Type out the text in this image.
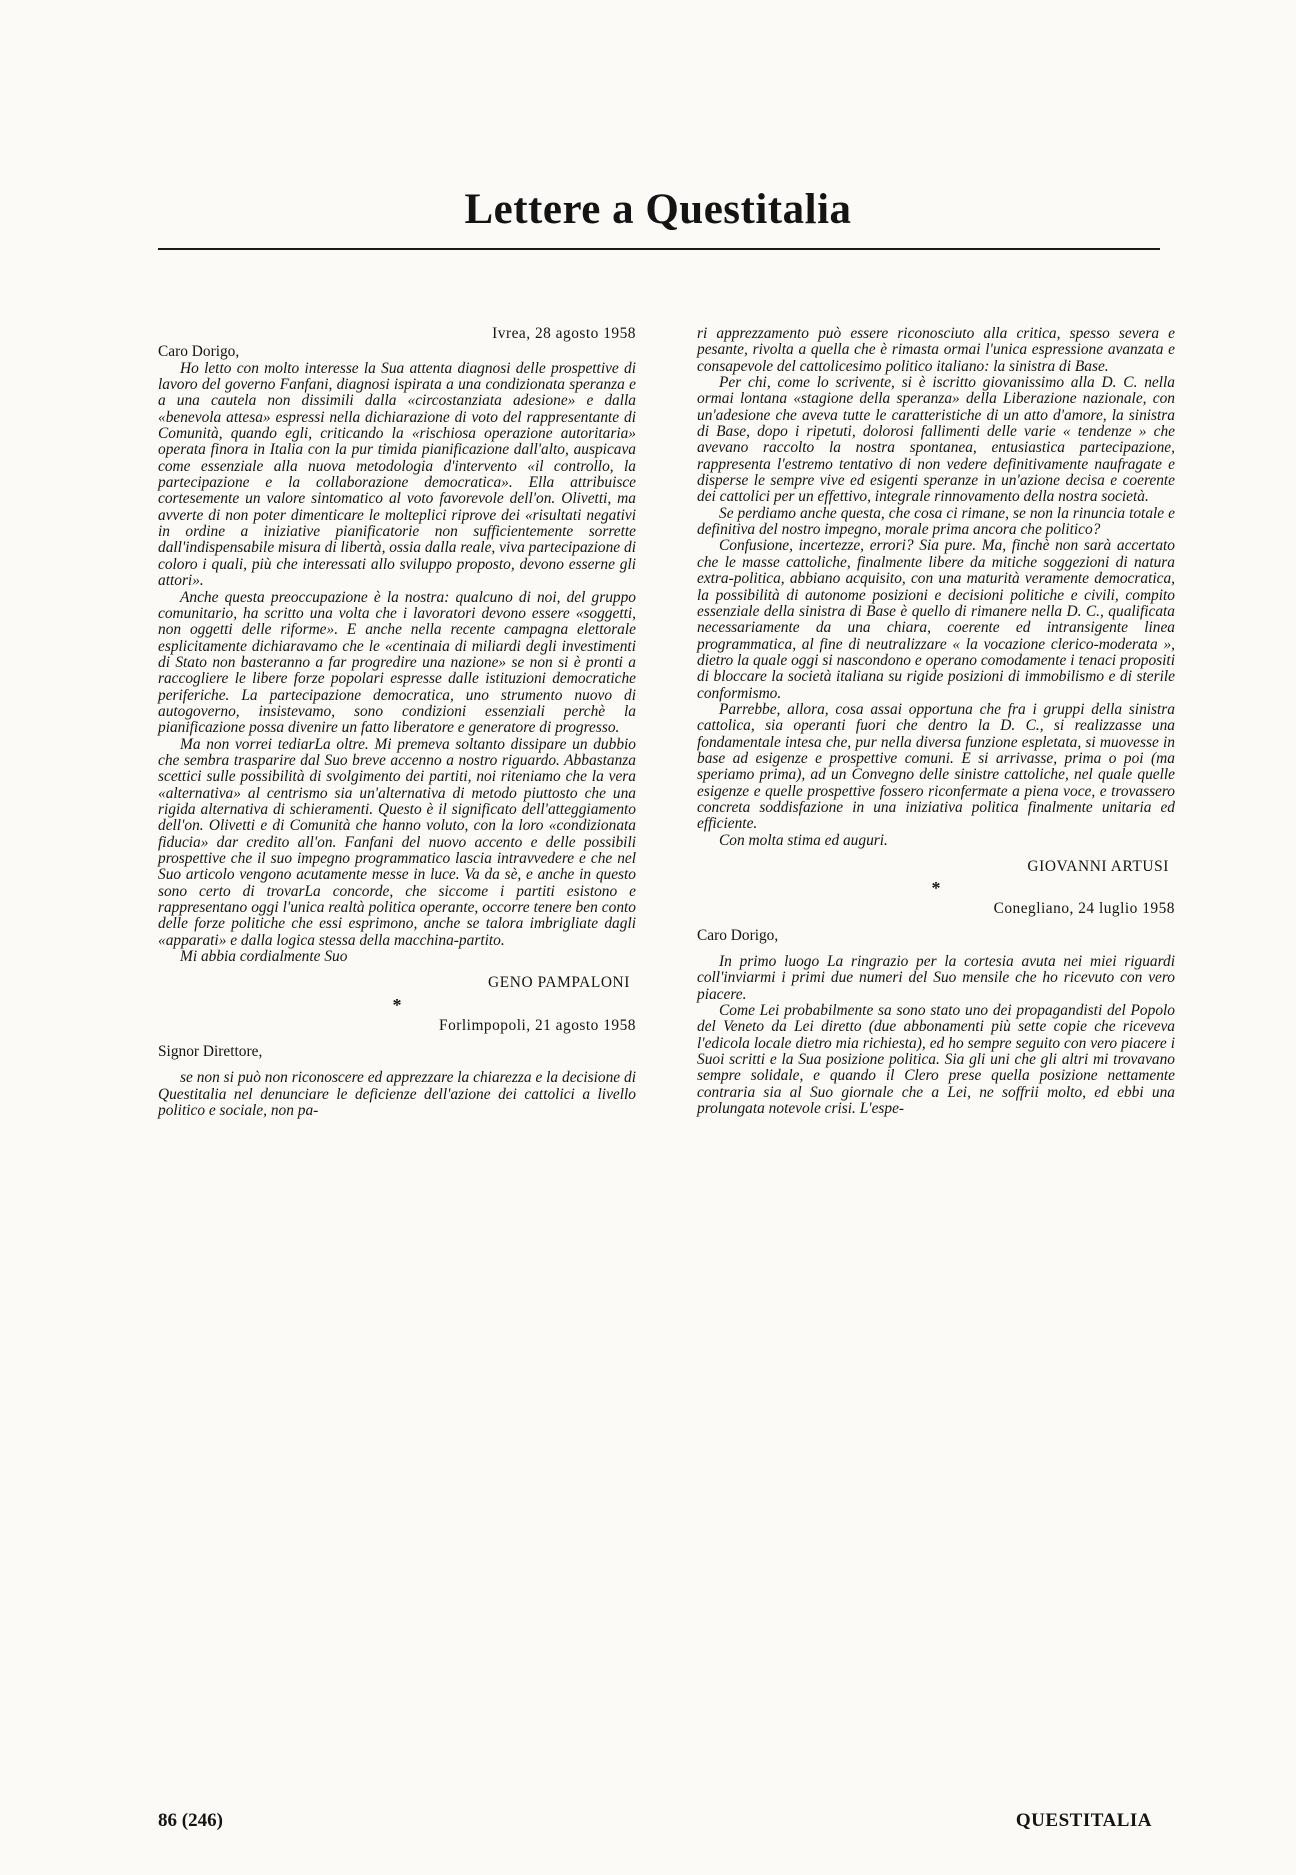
Lettere a Questitalia

Ivrea, 28 agosto 1958

Caro Dorigo,

Ho letto con molto interesse la Sua attenta diagnosi delle prospettive di lavoro del governo Fanfani, diagnosi ispirata a una condizionata speranza e a una cautela non dissimili dalla «circostanziata adesione» e dalla «benevola attesa» espressi nella dichiarazione di voto del rappresentante di Comunità, quando egli, criticando la «rischiosa operazione autoritaria» operata finora in Italia con la pur timida pianificazione dall'alto, auspicava come essenziale alla nuova metodologia d'intervento «il controllo, la partecipazione e la collaborazione democratica». Ella attribuisce cortesemente un valore sintomatico al voto favorevole dell'on. Olivetti, ma avverte di non poter dimenticare le molteplici riprove dei «risultati negativi in ordine a iniziative pianificatorie non sufficientemente sorrette dall'indispensabile misura di libertà, ossia dalla reale, viva partecipazione di coloro i quali, più che interessati allo sviluppo proposto, devono esserne gli attori».

Anche questa preoccupazione è la nostra: qualcuno di noi, del gruppo comunitario, ha scritto una volta che i lavoratori devono essere «soggetti, non oggetti delle riforme». E anche nella recente campagna elettorale esplicitamente dichiaravamo che le «centinaia di miliardi degli investimenti di Stato non basteranno a far progredire una nazione» se non si è pronti a raccogliere le libere forze popolari espresse dalle istituzioni democratiche periferiche. La partecipazione democratica, uno strumento nuovo di autogoverno, insistevamo, sono condizioni essenziali perchè la pianificazione possa divenire un fatto liberatore e generatore di progresso.

Ma non vorrei tediarLa oltre. Mi premeva soltanto dissipare un dubbio che sembra trasparire dal Suo breve accenno a nostro riguardo. Abbastanza scettici sulle possibilità di svolgimento dei partiti, noi riteniamo che la vera «alternativa» al centrismo sia un'alternativa di metodo piuttosto che una rigida alternativa di schieramenti. Questo è il significato dell'atteggiamento dell'on. Olivetti e di Comunità che hanno voluto, con la loro «condizionata fiducia» dar credito all'on. Fanfani del nuovo accento e delle possibili prospettive che il suo impegno programmatico lascia intravvedere e che nel Suo articolo vengono acutamente messe in luce. Va da sè, e anche in questo sono certo di trovarLa concorde, che siccome i partiti esistono e rappresentano oggi l'unica realtà politica operante, occorre tenere ben conto delle forze politiche che essi esprimono, anche se talora imbrigliate dagli «apparati» e dalla logica stessa della macchina-partito.

Mi abbia cordialmente Suo

GENO PAMPALONI

*

Forlimpopoli, 21 agosto 1958

Signor Direttore,

se non si può non riconoscere ed apprezzare la chiarezza e la decisione di Questitalia nel denunciare le deficienze dell'azione dei cattolici a livello politico e sociale, non pa-

ri apprezzamento può essere riconosciuto alla critica, spesso severa e pesante, rivolta a quella che è rimasta ormai l'unica espressione avanzata e consapevole del cattolicesimo politico italiano: la sinistra di Base.

Per chi, come lo scrivente, si è iscritto giovanissimo alla D. C. nella ormai lontana «stagione della speranza» della Liberazione nazionale, con un'adesione che aveva tutte le caratteristiche di un atto d'amore, la sinistra di Base, dopo i ripetuti, dolorosi fallimenti delle varie « tendenze » che avevano raccolto la nostra spontanea, entusiastica partecipazione, rappresenta l'estremo tentativo di non vedere definitivamente naufragate e disperse le sempre vive ed esigenti speranze in un'azione decisa e coerente dei cattolici per un effettivo, integrale rinnovamento della nostra società.

Se perdiamo anche questa, che cosa ci rimane, se non la rinuncia totale e definitiva del nostro impegno, morale prima ancora che politico?

Confusione, incertezze, errori? Sia pure. Ma, finchè non sarà accertato che le masse cattoliche, finalmente libere da mitiche soggezioni di natura extra-politica, abbiano acquisito, con una maturità veramente democratica, la possibilità di autonome posizioni e decisioni politiche e civili, compito essenziale della sinistra di Base è quello di rimanere nella D. C., qualificata necessariamente da una chiara, coerente ed intransigente linea programmatica, al fine di neutralizzare « la vocazione clerico-moderata », dietro la quale oggi si nascondono e operano comodamente i tenaci propositi di bloccare la società italiana su rigide posizioni di immobilismo e di sterile conformismo.

Parrebbe, allora, cosa assai opportuna che fra i gruppi della sinistra cattolica, sia operanti fuori che dentro la D. C., si realizzasse una fondamentale intesa che, pur nella diversa funzione espletata, si muovesse in base ad esigenze e prospettive comuni. E si arrivasse, prima o poi (ma speriamo prima), ad un Convegno delle sinistre cattoliche, nel quale quelle esigenze e quelle prospettive fossero riconfermate a piena voce, e trovassero concreta soddisfazione in una iniziativa politica finalmente unitaria ed efficiente.

Con molta stima ed auguri.

GIOVANNI ARTUSI

*

Conegliano, 24 luglio 1958

Caro Dorigo,

In primo luogo La ringrazio per la cortesia avuta nei miei riguardi coll'inviarmi i primi due numeri del Suo mensile che ho ricevuto con vero piacere.

Come Lei probabilmente sa sono stato uno dei propagandisti del Popolo del Veneto da Lei diretto (due abbonamenti più sette copie che riceveva l'edicola locale dietro mia richiesta), ed ho sempre seguito con vero piacere i Suoi scritti e la Sua posizione politica. Sia gli uni che gli altri mi trovavano sempre solidale, e quando il Clero prese quella posizione nettamente contraria sia al Suo giornale che a Lei, ne soffrii molto, ed ebbi una prolungata notevole crisi. L'espe-

86 (246)	QUESTITALIA
